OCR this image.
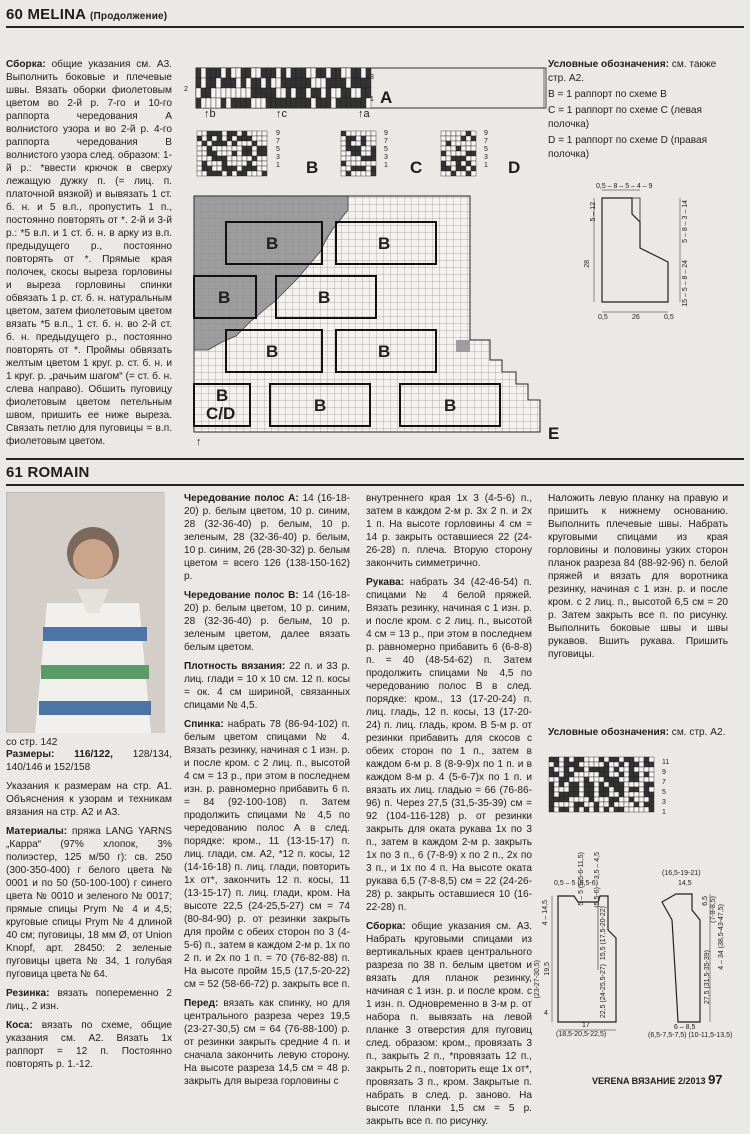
60 MELINA (Продолжение)

Сборка: общие указания см. А3. Выполнить боковые и плечевые швы. Вязать оборки фиолетовым цветом во 2-й р. 7-го и 10-го раппорта чередования А волнистого узора и во 2-й р. 4-го раппорта чередования В волнистого узора след. образом: 1-й р.: *ввести крючок в сверху лежащую дужку п. (= лиц. п. платочной вязкой) и вывязать 1 ст. б. н. и 5 в.п., пропустить 1 п., постоянно повторять от *. 2-й и 3-й р.: *5 в.п. и 1 ст. б. н. в арку из в.п. предыдущего р., постоянно повторять от *. Прямые края полочек, скосы выреза горловины и выреза горловины спинки обвязать 1 р. ст. б. н. натуральным цветом, затем фиолетовым цветом вязать *5 в.п., 1 ст. б. н. во 2-й ст. б. н. предыдущего р., постоянно повторять от *. Проймы обвязать желтым цветом 1 круг. р. ст. б. н. и 1 круг. р. „рачьим шагом“ (= ст. б. н. слева направо). Обшить пуговицу фиолетовым цветом петельным швом, пришить ее ниже выреза. Связать петлю для пуговицы = в.п. фиолетовым цветом.

2
3
1
↑b	↑c	↑a
A
9
7
5
3
1 B
9
7
5
3
1 C
9
7
5
3
1 D
B	B
B	B
B	B
B
C/D	B	B
↑	E

Условные обозначения: см. также стр. А2.

B = 1 раппорт по схеме B

C = 1 раппорт по схеме C (левая полочка)

D = 1 раппорт по схеме D (правая полочка)

0,5 – 8 – 5 – 4 – 9
5 – 12
28
5 – 8 – 3 – 14
15 – 5 – 8 – 24
0,5	26	0,5
61 ROMAIN
со стр. 142

Размеры: 116/122, 128/134, 140/146 и 152/158

Указания к размерам на стр. А1. Объяснения к узорам и техникам вязания на стр. А2 и А3.

Материалы: пряжа LANG YARNS „Карра“ (97% хлопок, 3% полиэстер, 125 м/50 г): св. 250 (300-350-400) г белого цвета № 0001 и по 50 (50-100-100) г синего цвета № 0010 и зеленого № 0017; прямые спицы Prym № 4 и 4,5; круговые спицы Prym № 4 длиной 40 см; пуговицы, 18 мм Ø, от Union Knopf, арт. 28450: 2 зеленые пуговицы цвета № 34, 1 голубая пуговица цвета № 64.

Резинка: вязать попеременно 2 лиц., 2 изн.

Коса: вязать по схеме, общие указания см. А2. Вязать 1х раппорт = 12 п. Постоянно повторять р. 1.-12.

Чередование полос А: 14 (16-18-20) р. белым цветом, 10 р. синим, 28 (32-36-40) р. белым, 10 р. зеленым, 28 (32-36-40) р. белым, 10 р. синим, 26 (28-30-32) р. белым цветом = всего 126 (138-150-162) р.

Чередование полос В: 14 (16-18-20) р. белым цветом, 10 р. синим, 28 (32-36-40) р. белым, 10 р. зеленым цветом, далее вязать белым цветом.

Плотность вязания: 22 п. и 33 р. лиц. глади = 10 х 10 см. 12 п. косы = ок. 4 см шириной, связанных спицами № 4,5.

Спинка: набрать 78 (86-94-102) п. белым цветом спицами № 4. Вязать резинку, начиная с 1 изн. р. и после кром. с 2 лиц. п., высотой 4 см = 13 р., при этом в последнем изн. р. равномерно прибавить 6 п. = 84 (92-100-108) п. Затем продолжить спицами № 4,5 по чередованию полос А в след. порядке: кром., 11 (13-15-17) п. лиц. глади, см. А2, *12 п. косы, 12 (14-16-18) п. лиц. глади, повторить 1х от*, закончить 12 п. косы, 11 (13-15-17) п. лиц. глади, кром. На высоте 22,5 (24-25,5-27) см = 74 (80-84-90) р. от резинки закрыть для пройм с обеих сторон по 3 (4-5-6) п., затем в каждом 2-м р. 1х по 2 п. и 2х по 1 п. = 70 (76-82-88) п. На высоте пройм 15,5 (17,5-20-22) см = 52 (58-66-72) р. закрыть все п.

Перед: вязать как спинку, но для центрального разреза через 19,5 (23-27-30,5) см = 64 (76-88-100) р. от резинки закрыть средние 4 п. и сначала закончить левую сторону. На высоте разреза 14,5 см = 48 р. закрыть для выреза горловины с

внутреннего края 1х 3 (4-5-6) п., затем в каждом 2-м р. 3х 2 п. и 2х 1 п. На высоте горловины 4 см = 14 р. закрыть оставшиеся 22 (24-26-28) п. плеча. Вторую сторону закончить симметрично.

Рукава: набрать 34 (42-46-54) п. спицами № 4 белой пряжей. Вязать резинку, начиная с 1 изн. р. и после кром. с 2 лиц. п., высотой 4 см = 13 р., при этом в последнем р. равномерно прибавить 6 (6-8-8) п. = 40 (48-54-62) п. Затем продолжить спицами № 4,5 по чередованию полос В в след. порядке: кром., 13 (17-20-24) п. лиц. гладь, 12 п. косы, 13 (17-20-24) п. лиц. гладь, кром. В 5-м р. от резинки прибавить для скосов с обеих сторон по 1 п., затем в каждом 6-м р. 8 (8-9-9)х по 1 п. и в каждом 8-м р. 4 (5-6-7)х по 1 п. и вязать их лиц. гладью = 66 (76-86-96) п. Через 27,5 (31,5-35-39) см = 92 (104-116-128) р. от резинки закрыть для оката рукава 1х по 3 п., затем в каждом 2-м р. закрыть 1х по 3 п., 6 (7-8-9) х по 2 п., 2х по 3 п., и 1х по 4 п. На высоте оката рукава 6,5 (7-8-8,5) см = 22 (24-26-28) р. закрыть оставшиеся 10 (16-22-28) п.

Сборка: общие указания см. А3. Набрать круговыми спицами из вертикальных краев центрального разреза по 38 п. белым цветом и вязать для планок резинку, начиная с 1 изн. р. и после кром. с 1 изн. п. Одновременно в 3-м р. от набора п. вывязать на левой планке 3 отверстия для пуговиц след. образом: кром., провязать 3 п., закрыть 2 п., *провязать 12 п., закрыть 2 п., повторить еще 1х от*, провязать 3 п., кром. Закрытые п. набрать в след. р. заново. На высоте планки 1,5 см = 5 р. закрыть все п. по рисунку.

Наложить левую планку на правую и пришить к нижнему основанию. Выполнить плечевые швы. Набрать круговыми спицами из края горловины и половины узких сторон планок разреза 84 (88-92-96) п. белой пряжей и вязать для воротника резинку, начиная с 1 изн. р. и после кром. с 2 лиц. п., высотой 6,5 см = 20 р. Затем закрыть все п. по рисунку. Выполнить боковые швы и швы рукавов. Вшить рукава. Пришить пуговицы.

Условные обозначения: см. стр. А2.

11
9
7
5
3
1
0,5 – 5 (5,5-6)
5 – 5 (5,5-6-11,5) (5,5-6) – 3,5 – 4,5
4 – 14,5	15,5 (17,5-20-22)
22,5 (24-25,5-27)
(23-27-30,5) 19,5
4
17
(18,5-20,5-22,5)
(16,5-19-21)
14,5
4 – 34 (38,5-43-47,5)
6,5
27,5 (31,5-35-39)
(7-8-8,5)
6 – 8,5
(6,5-7,5-7,5) (10-11,5-13,5)
VERENA ВЯЗАНИЕ 2/2013 97
